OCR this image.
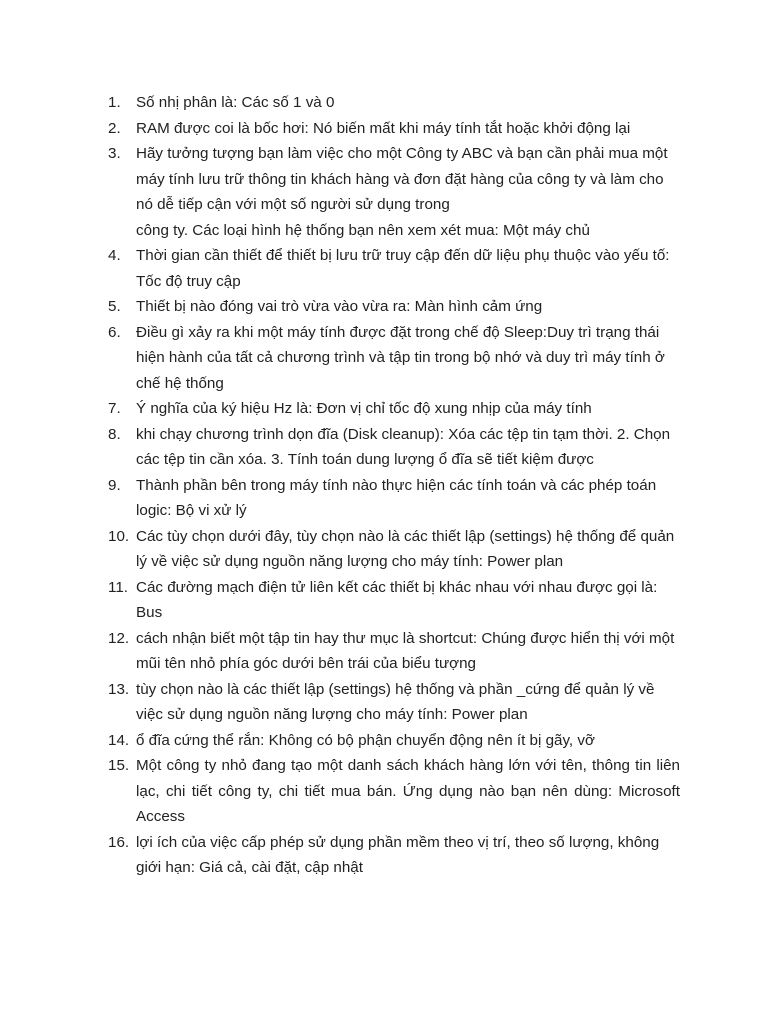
1.	Số nhị phân là: Các số 1 và 0
2.	RAM được coi là bốc hơi: Nó biến mất khi máy tính tắt hoặc khởi động lại
3.	Hãy tưởng tượng bạn làm việc cho một Công ty ABC và bạn cần phải mua một máy tính lưu trữ thông tin khách hàng và đơn đặt hàng của công ty và làm cho nó dễ tiếp cận với một số người sử dụng trong
công ty. Các loại hình hệ thống bạn nên xem xét mua: Một máy chủ
4.	Thời gian cần thiết để thiết bị lưu trữ truy cập đến dữ liệu phụ thuộc vào yếu tố: Tốc độ truy cập
5.	Thiết bị nào đóng vai trò vừa vào vừa ra: Màn hình cảm ứng
6.	Điều gì xảy ra khi một máy tính được đặt trong chế độ Sleep:Duy trì trạng thái hiện hành của tất cả chương trình và tập tin trong bộ nhớ và duy trì máy tính ở chế hệ thống
7.	Ý nghĩa của ký hiệu Hz là: Đơn vị chỉ tốc độ xung nhịp của máy tính
8.	khi chạy chương trình dọn đĩa (Disk cleanup): Xóa các tệp tin tạm thời. 2. Chọn các tệp tin cần xóa. 3. Tính toán dung lượng ổ đĩa sẽ tiết kiệm được
9.	Thành phần bên trong máy tính nào thực hiện các tính toán và các phép toán logic: Bộ vi xử lý
10. Các tùy chọn dưới đây, tùy chọn nào là các thiết lập (settings) hệ thống để quản lý về việc sử dụng nguồn năng lượng cho máy tính: Power plan
11. Các đường mạch điện tử liên kết các thiết bị khác nhau với nhau được gọi là: Bus
12. cách nhận biết một tập tin hay thư mục là shortcut: Chúng được hiển thị với một mũi tên nhỏ phía góc dưới bên trái của biểu tượng
13. tùy chọn nào là các thiết lập (settings) hệ thống và phần _cứng để quản lý về việc sử dụng nguồn năng lượng cho máy tính: Power plan
14. ổ đĩa cứng thể rắn: Không có bộ phận chuyển động nên ít bị gãy, vỡ
15. Một công ty nhỏ đang tạo một danh sách khách hàng lớn với tên, thông tin liên lạc, chi tiết công ty, chi tiết mua bán. Ứng dụng nào bạn nên dùng: Microsoft Access
16. lợi ích của việc cấp phép sử dụng phần mềm theo vị trí, theo số lượng, không giới hạn: Giá cả, cài đặt, cập nhật
